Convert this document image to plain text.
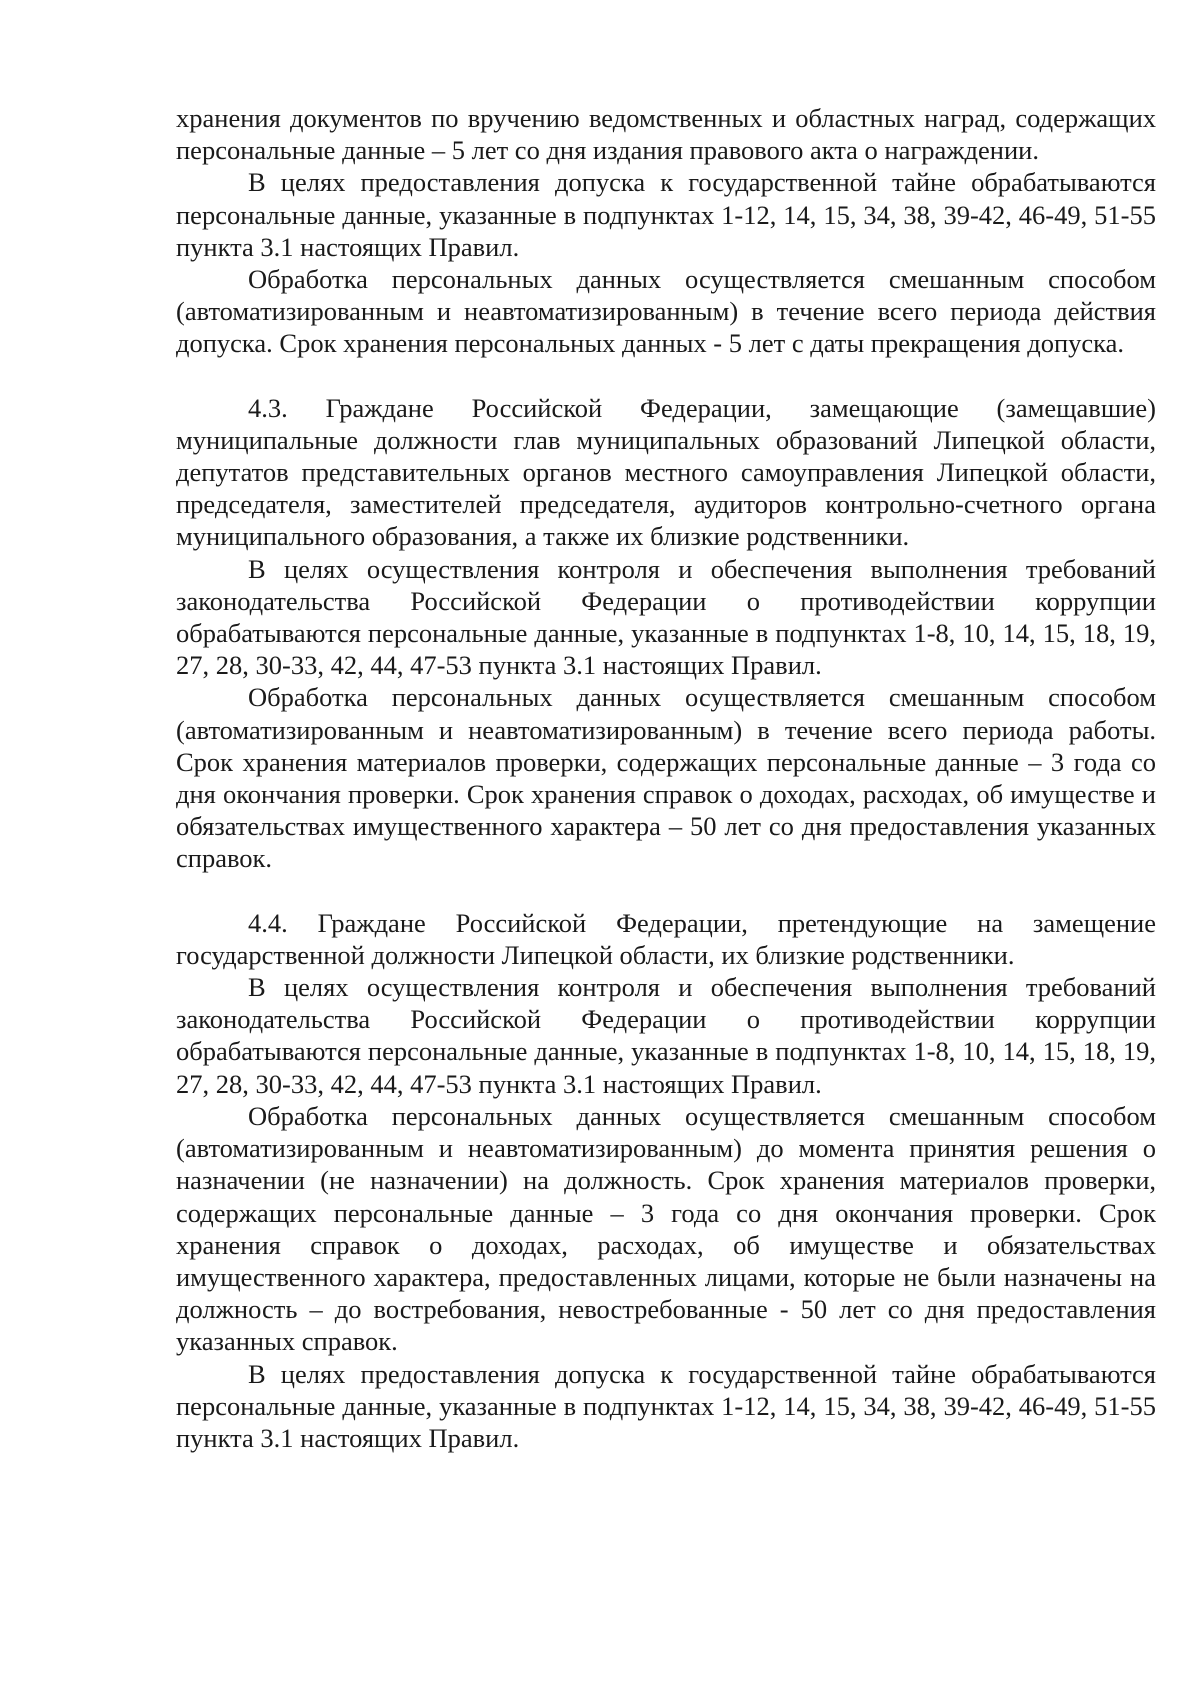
хранения документов по вручению ведомственных и областных наград, содержащих персональные данные – 5 лет со дня издания правового акта о награждении.

В целях предоставления допуска к государственной тайне обрабатываются персональные данные, указанные в подпунктах 1-12, 14, 15, 34, 38, 39-42, 46-49, 51-55 пункта 3.1 настоящих Правил.

Обработка персональных данных осуществляется смешанным способом (автоматизированным и неавтоматизированным) в течение всего периода действия допуска. Срок хранения персональных данных - 5 лет с даты прекращения допуска.

4.3. Граждане Российской Федерации, замещающие (замещавшие) муниципальные должности глав муниципальных образований Липецкой области, депутатов представительных органов местного самоуправления Липецкой области, председателя, заместителей председателя, аудиторов контрольно-счетного органа муниципального образования, а также их близкие родственники.

В целях осуществления контроля и обеспечения выполнения требований законодательства Российской Федерации о противодействии коррупции обрабатываются персональные данные, указанные в подпунктах 1-8, 10, 14, 15, 18, 19, 27, 28, 30-33, 42, 44, 47-53 пункта 3.1 настоящих Правил.

Обработка персональных данных осуществляется смешанным способом (автоматизированным и неавтоматизированным) в течение всего периода работы. Срок хранения материалов проверки, содержащих персональные данные – 3 года со дня окончания проверки. Срок хранения справок о доходах, расходах, об имуществе и обязательствах имущественного характера – 50 лет со дня предоставления указанных справок.

4.4. Граждане Российской Федерации, претендующие на замещение государственной должности Липецкой области, их близкие родственники.

В целях осуществления контроля и обеспечения выполнения требований законодательства Российской Федерации о противодействии коррупции обрабатываются персональные данные, указанные в подпунктах 1-8, 10, 14, 15, 18, 19, 27, 28, 30-33, 42, 44, 47-53 пункта 3.1 настоящих Правил.

Обработка персональных данных осуществляется смешанным способом (автоматизированным и неавтоматизированным) до момента принятия решения о назначении (не назначении) на должность. Срок хранения материалов проверки, содержащих персональные данные – 3 года со дня окончания проверки. Срок хранения справок о доходах, расходах, об имуществе и обязательствах имущественного характера, предоставленных лицами, которые не были назначены на должность – до востребования, невостребованные - 50 лет со дня предоставления указанных справок.

В целях предоставления допуска к государственной тайне обрабатываются персональные данные, указанные в подпунктах 1-12, 14, 15, 34, 38, 39-42, 46-49, 51-55 пункта 3.1 настоящих Правил.
